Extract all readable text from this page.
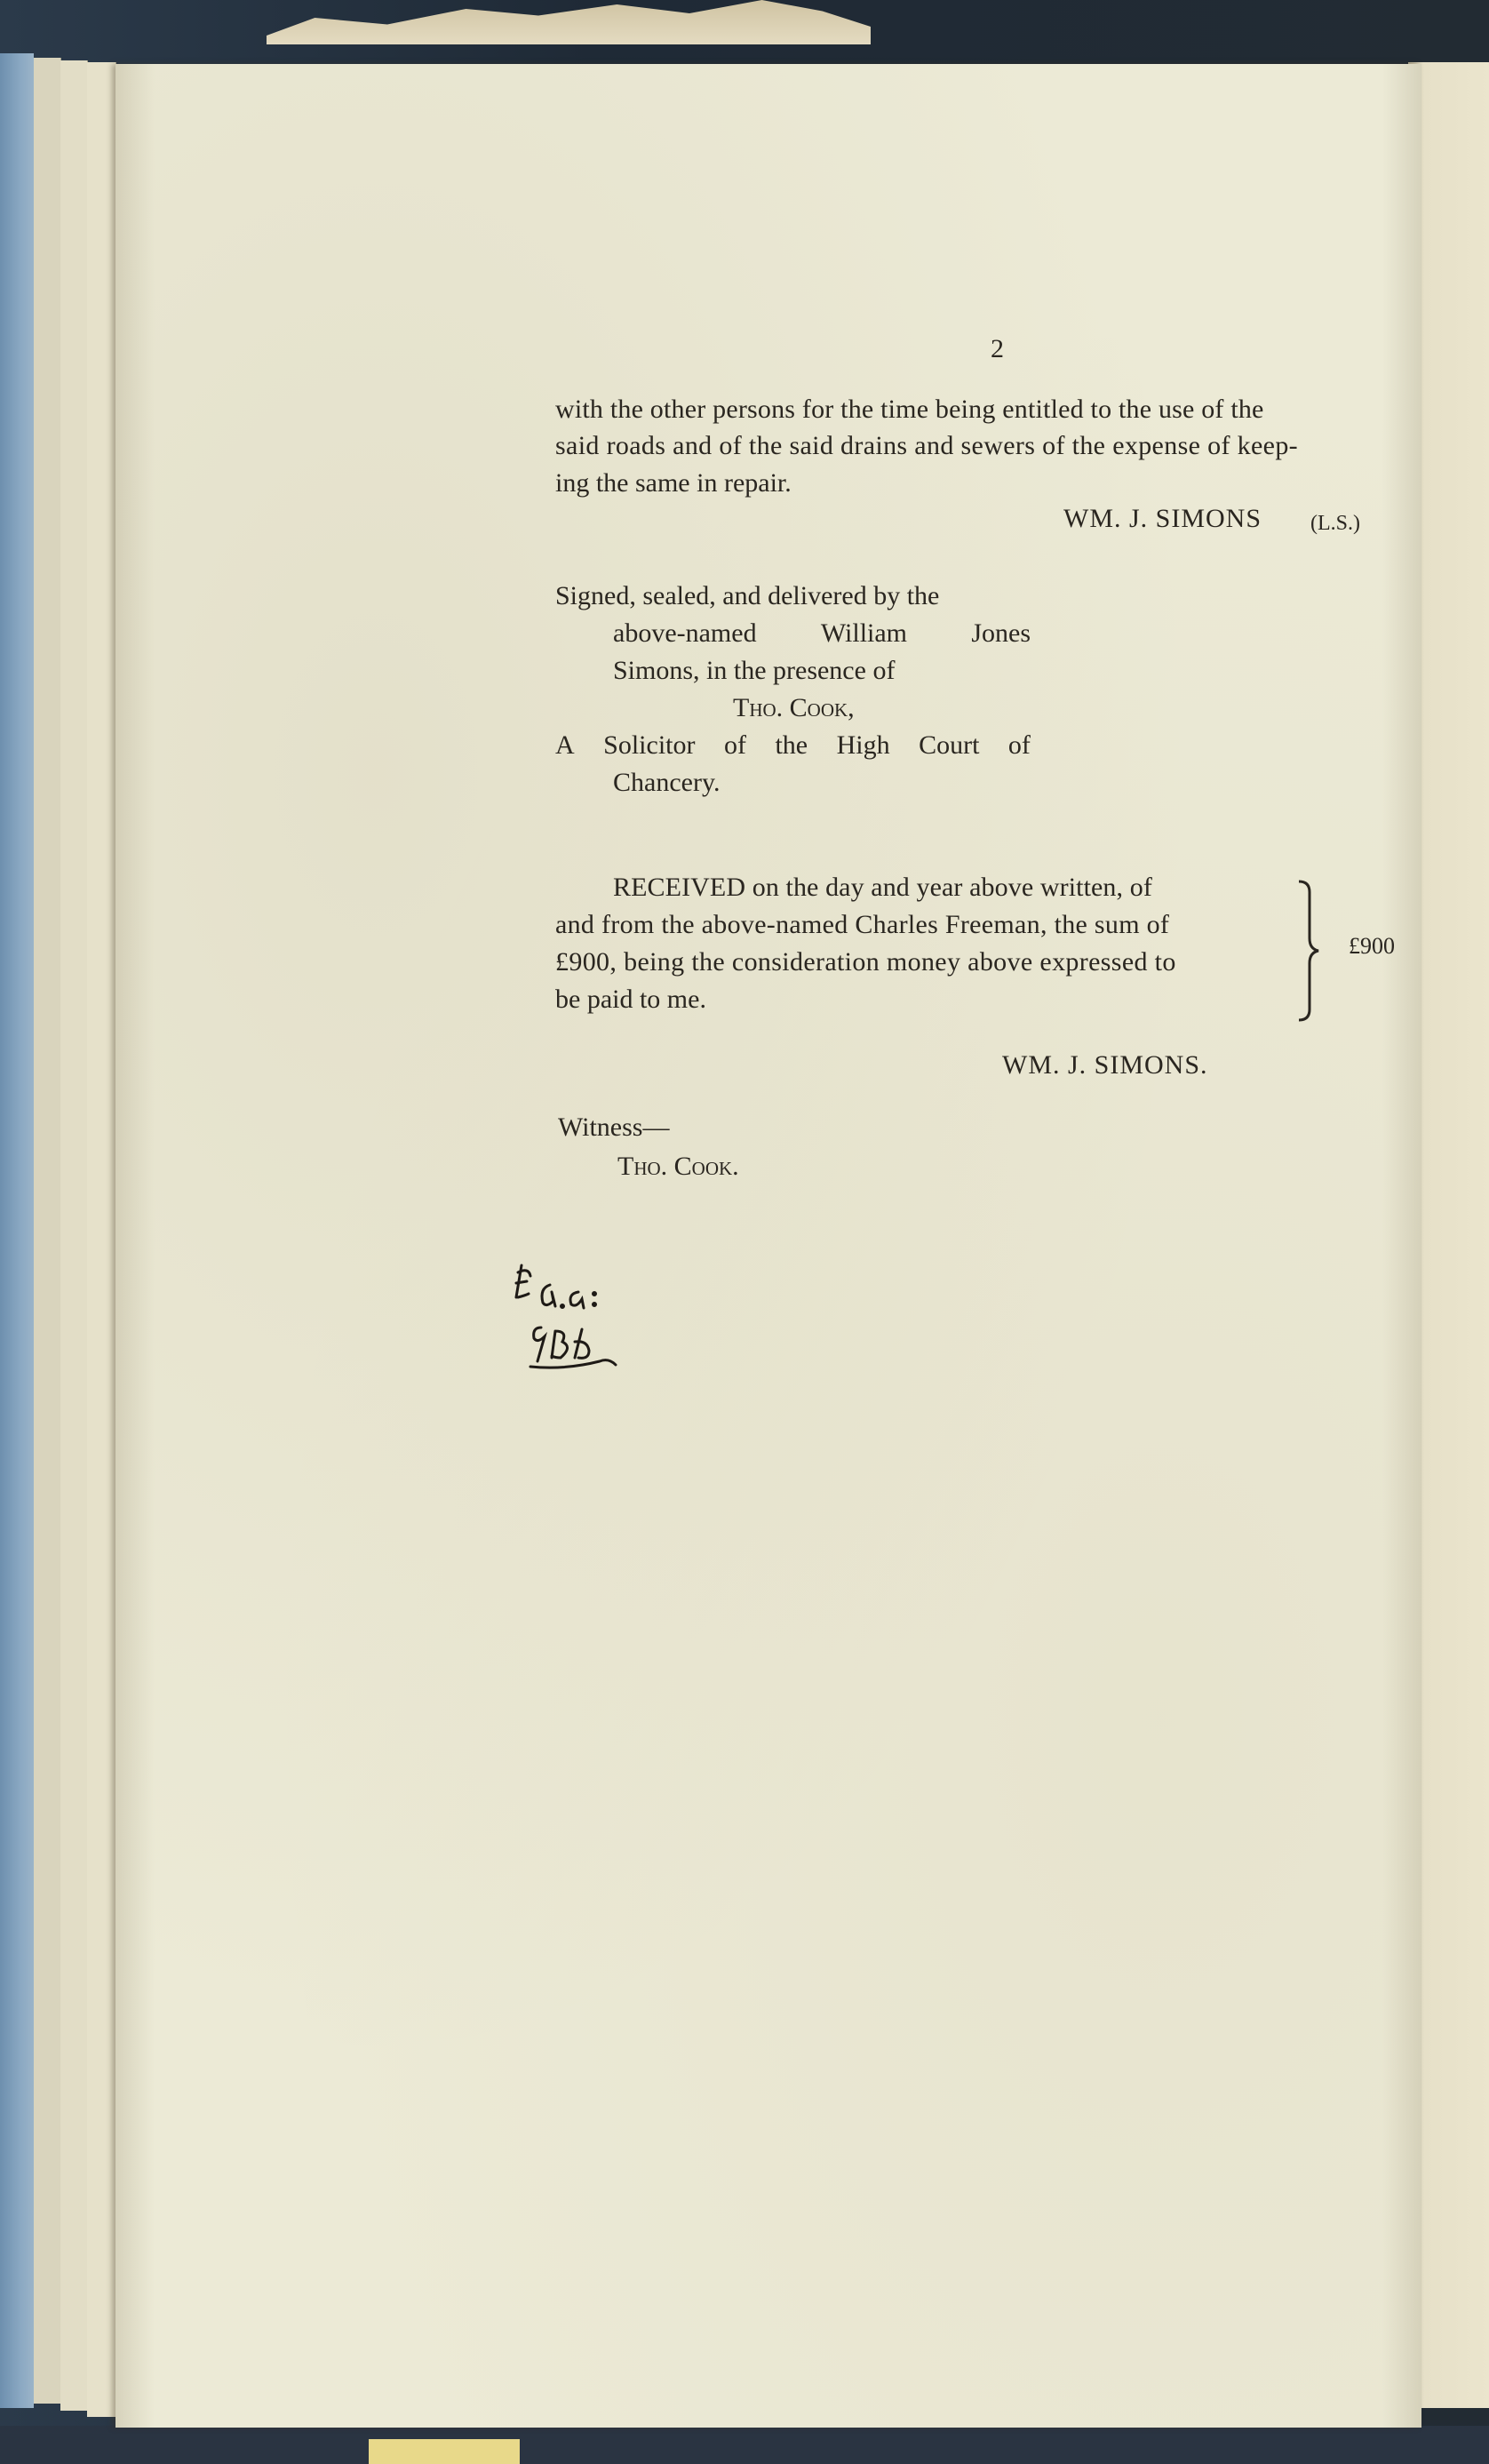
2
with the other persons for the time being entitled to the use of the
said roads and of the said drains and sewers of the expense of keep-
ing the same in repair.
WM. J. SIMONS (L.S.)
Signed, sealed, and delivered by the
above-named William Jones
Simons, in the presence of
Tho. Cook,
A Solicitor of the High Court of
Chancery.
RECEIVED on the day and year above written, of
and from the above-named Charles Freeman, the sum of
£900, being the consideration money above expressed to
be paid to me.
£900
WM. J. SIMONS.
Witness—
Tho. Cook.
